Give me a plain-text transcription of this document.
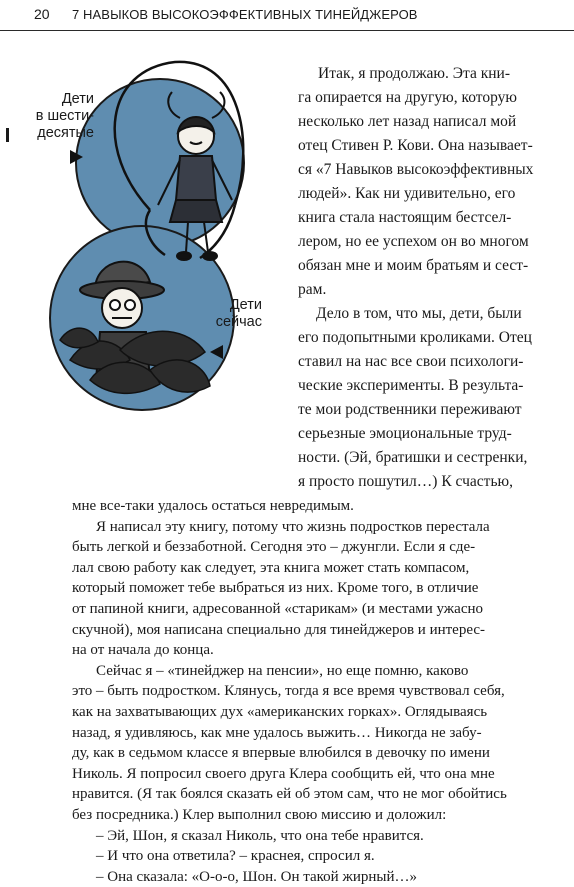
20 7 НАВЫКОВ ВЫСОКОЭФФЕКТИВНЫХ ТИНЕЙДЖЕРОВ
Дети
в шести-
десятые
Дети
сейчас
Итак, я продолжаю. Эта кни-
га опирается на другую, которую
несколько лет назад написал мой
отец Стивен Р. Кови. Она называет-
ся «7 Навыков высокоэффективных
людей». Как ни удивительно, его
книга стала настоящим бестсел-
лером, но ее успехом он во многом
обязан мне и моим братьям и сест-
рам.
Дело в том, что мы, дети, были
его подопытными кроликами. Отец
ставил на нас все свои психологи-
ческие эксперименты. В результа-
те мои родственники переживают
серьезные эмоциональные труд-
ности. (Эй, братишки и сестренки,
я просто пошутил…) К счастью,
мне все-таки удалось остаться невредимым.
Я написал эту книгу, потому что жизнь подростков перестала
быть легкой и беззаботной. Сегодня это – джунгли. Если я сде-
лал свою работу как следует, эта книга может стать компасом,
который поможет тебе выбраться из них. Кроме того, в отличие
от папиной книги, адресованной «старикам» (и местами ужасно
скучной), моя написана специально для тинейджеров и интерес-
на от начала до конца.
Сейчас я – «тинейджер на пенсии», но еще помню, каково
это – быть подростком. Клянусь, тогда я все время чувствовал себя,
как на захватывающих дух «американских горках». Оглядываясь
назад, я удивляюсь, как мне удалось выжить… Никогда не забу-
ду, как в седьмом классе я впервые влюбился в девочку по имени
Николь. Я попросил своего друга Клера сообщить ей, что она мне
нравится. (Я так боялся сказать ей об этом сам, что не мог обойтись
без посредника.) Клер выполнил свою миссию и доложил:
– Эй, Шон, я сказал Николь, что она тебе нравится.
– И что она ответила? – краснея, спросил я.
– Она сказала: «О-о-о, Шон. Он такой жирный…»
